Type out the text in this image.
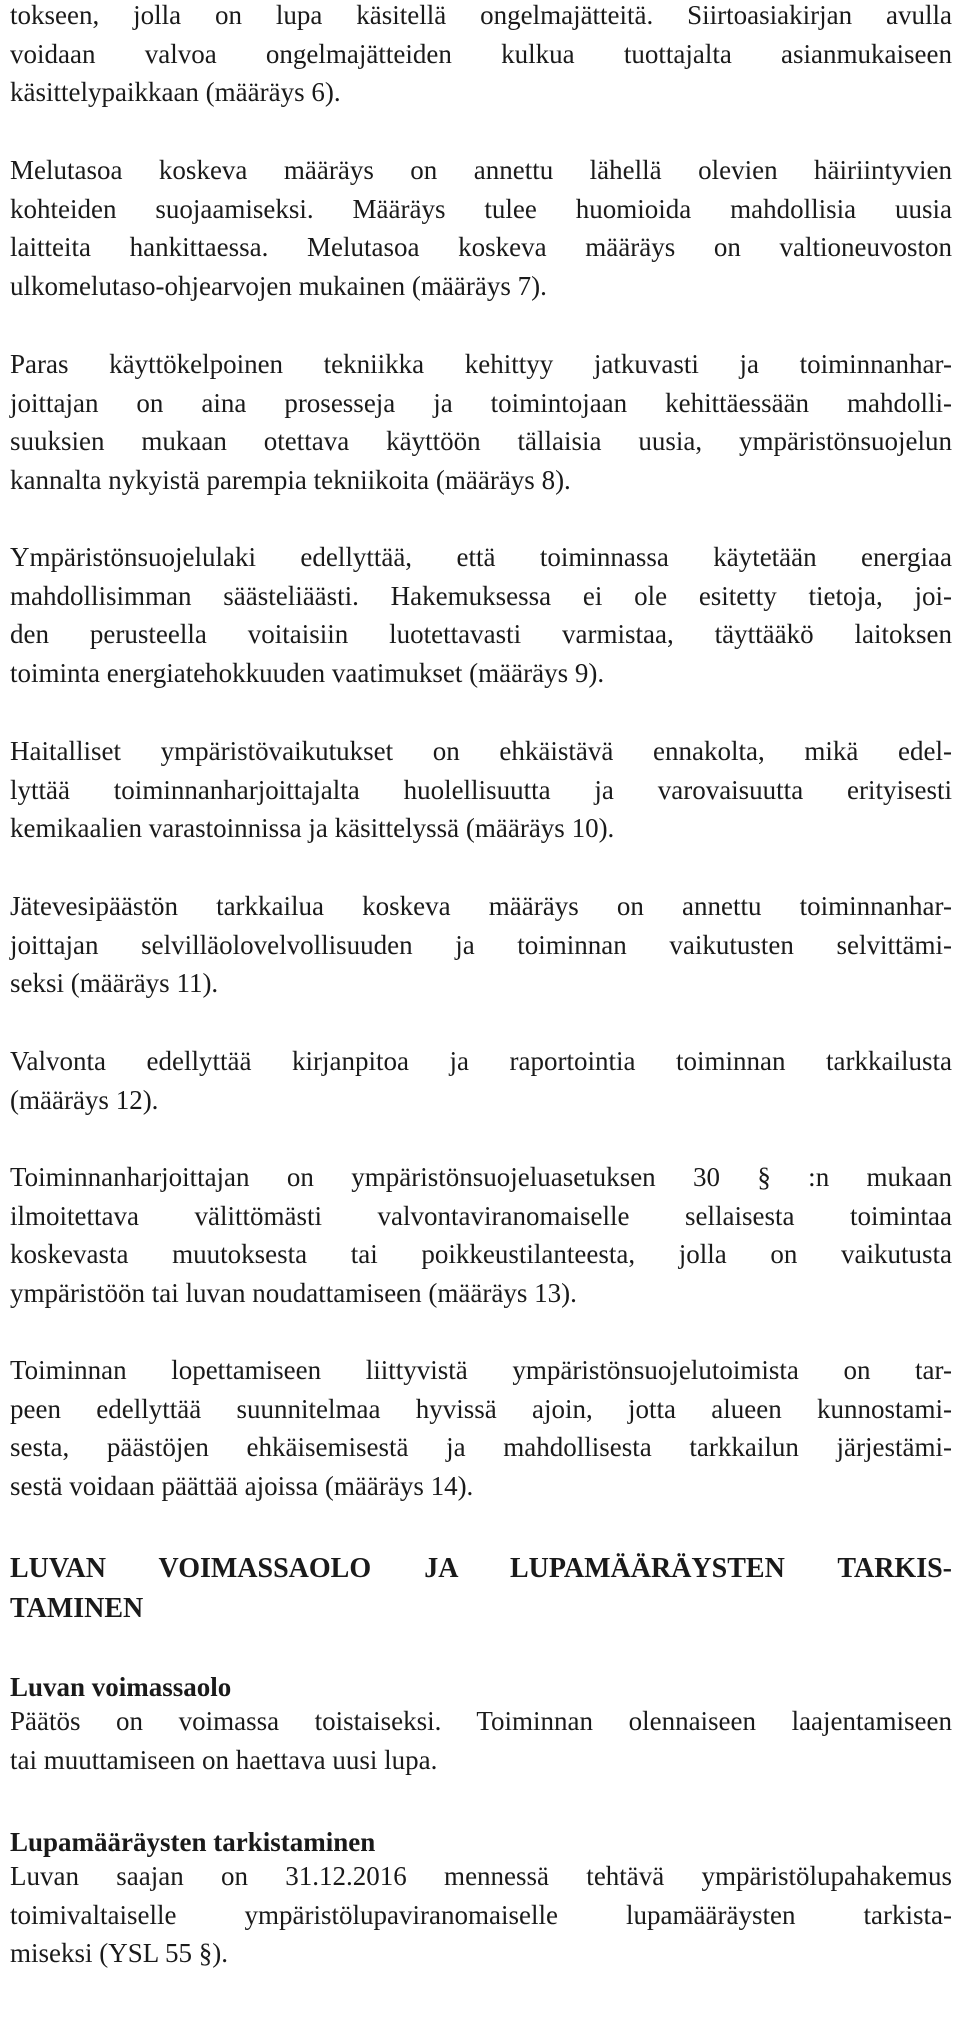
tokseen, jolla on lupa käsitellä ongelmajätteitä. Siirtoasiakirjan avulla
voidaan valvoa ongelmajätteiden kulkua tuottajalta asianmukaiseen
käsittelypaikkaan (määräys 6).
Melutasoa koskeva määräys on annettu lähellä olevien häiriintyvien
kohteiden suojaamiseksi. Määräys tulee huomioida mahdollisia uusia
laitteita hankittaessa. Melutasoa koskeva määräys on valtioneuvoston
ulkomelutaso-ohjearvojen mukainen (määräys 7).
Paras käyttökelpoinen tekniikka kehittyy jatkuvasti ja toiminnanhar-
joittajan on aina prosesseja ja toimintojaan kehittäessään mahdolli-
suuksien mukaan otettava käyttöön tällaisia uusia, ympäristönsuojelun
kannalta nykyistä parempia tekniikoita (määräys 8).
Ympäristönsuojelulaki edellyttää, että toiminnassa käytetään energiaa
mahdollisimman säästeliäästi. Hakemuksessa ei ole esitetty tietoja, joi-
den perusteella voitaisiin luotettavasti varmistaa, täyttääkö laitoksen
toiminta energiatehokkuuden vaatimukset (määräys 9).
Haitalliset ympäristövaikutukset on ehkäistävä ennakolta, mikä edel-
lyttää toiminnanharjoittajalta huolellisuutta ja varovaisuutta erityisesti
kemikaalien varastoinnissa ja käsittelyssä (määräys 10).
Jätevesipäästön tarkkailua koskeva määräys on annettu toiminnanhar-
joittajan selvilläolovelvollisuuden ja toiminnan vaikutusten selvittämi-
seksi (määräys 11).
Valvonta edellyttää kirjanpitoa ja raportointia toiminnan tarkkailusta
(määräys 12).
Toiminnanharjoittajan on ympäristönsuojeluasetuksen 30 § :n mukaan
ilmoitettava välittömästi valvontaviranomaiselle sellaisesta toimintaa
koskevasta muutoksesta tai poikkeustilanteesta, jolla on vaikutusta
ympäristöön tai luvan noudattamiseen (määräys 13).
Toiminnan lopettamiseen liittyvistä ympäristönsuojelutoimista on tar-
peen edellyttää suunnitelmaa hyvissä ajoin, jotta alueen kunnostami-
sesta, päästöjen ehkäisemisestä ja mahdollisesta tarkkailun järjestämi-
sestä voidaan päättää ajoissa (määräys 14).
LUVAN VOIMASSAOLO JA LUPAMÄÄRÄYSTEN TARKIS-
TAMINEN
Luvan voimassaolo
Päätös on voimassa toistaiseksi. Toiminnan olennaiseen laajentamiseen
tai muuttamiseen on haettava uusi lupa.
Lupamääräysten tarkistaminen
Luvan saajan on 31.12.2016 mennessä tehtävä ympäristölupahakemus
toimivaltaiselle ympäristölupaviranomaiselle lupamääräysten tarkista-
miseksi (YSL 55 §).
